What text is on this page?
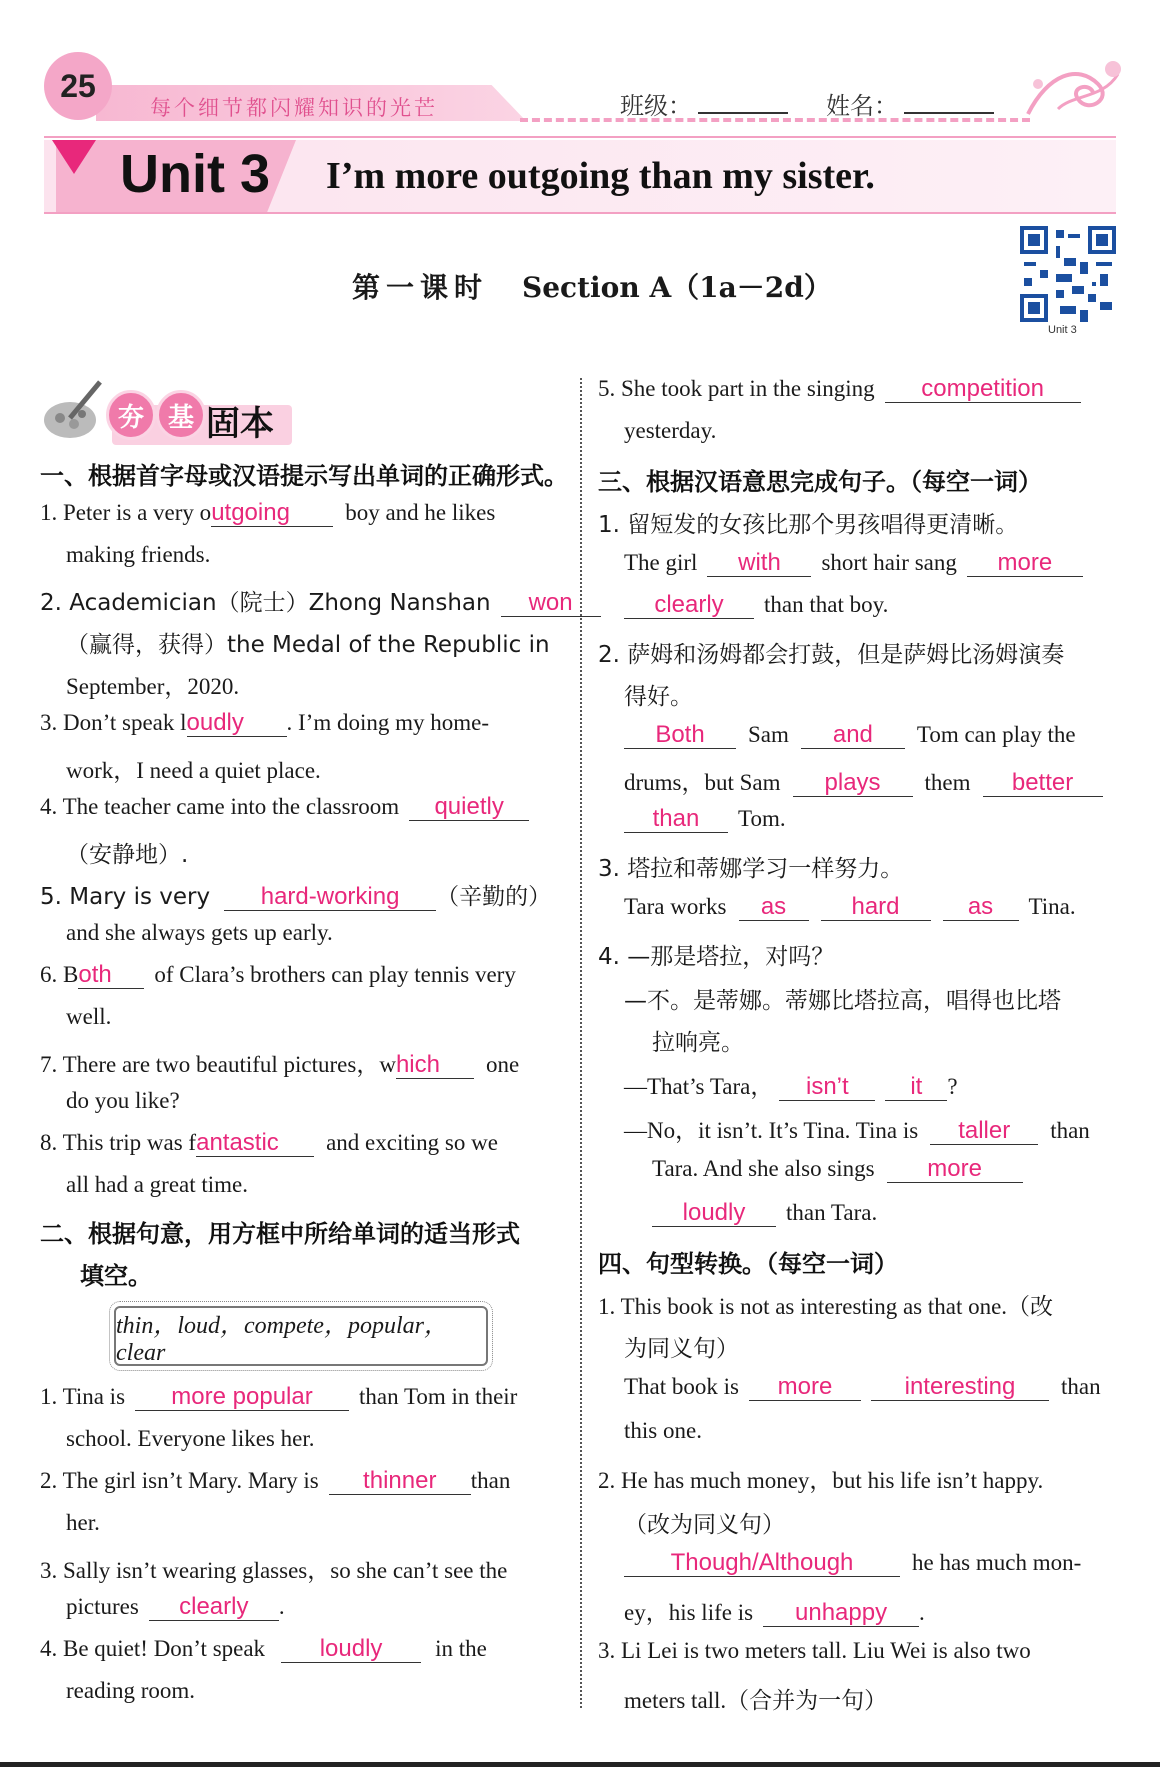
25
每个细节都闪耀知识的光芒	班级：	姓名：
Unit 3 I’m more outgoing than my sister.
第一课时 Section A（1a－2d）
Unit 3
夯 基 固本
一、根据首字母或汉语提示写出单词的正确形式。
1. Peter is a very outgoing boy and he likes
making friends.
2. Academician（院士）Zhong Nanshan won
（赢得，获得）the Medal of the Republic in
September，2020.
3. Don’t speak loudly . I’m doing my home-
work，I need a quiet place.
4. The teacher came into the classroom quietly
（安静地）.
5. Mary is very hard-working （辛勤的）
and she always gets up early.
6. Both of Clara’s brothers can play tennis very
well.
7. There are two beautiful pictures，which one
do you like?
8. This trip was fantastic and exciting so we
all had a great time.
二、根据句意，用方框中所给单词的适当形式
填空。
thin，loud，compete，popular，clear
1. Tina is more popular than Tom in their
school. Everyone likes her.
2. The girl isn’t Mary. Mary is thinner than
her.
3. Sally isn’t wearing glasses，so she can’t see the
pictures clearly .
4. Be quiet! Don’t speak loudly in the
reading room.
5. She took part in the singing competition
yesterday.
三、根据汉语意思完成句子。（每空一词）
1. 留短发的女孩比那个男孩唱得更清晰。
The girl with short hair sang more
clearly than that boy.
2. 萨姆和汤姆都会打鼓，但是萨姆比汤姆演奏
得好。
Both Sam and Tom can play the
drums，but Sam plays them better
than Tom.
3. 塔拉和蒂娜学习一样努力。
Tara works as	hard	as Tina.
4. —那是塔拉，对吗？
—不。是蒂娜。蒂娜比塔拉高，唱得也比塔
拉响亮。
—That’s Tara， isn’t	it ?
—No，it isn’t. It’s Tina. Tina is taller than
Tara. And she also sings more
loudly than Tara.
四、句型转换。（每空一词）
1. This book is not as interesting as that one.（改
为同义句）
That book is more	interesting than
this one.
2. He has much money，but his life isn’t happy.
（改为同义句）
Though/Although	he has much mon-
ey，his life is unhappy .
3. Li Lei is two meters tall. Liu Wei is also two
meters tall.（合并为一句）
